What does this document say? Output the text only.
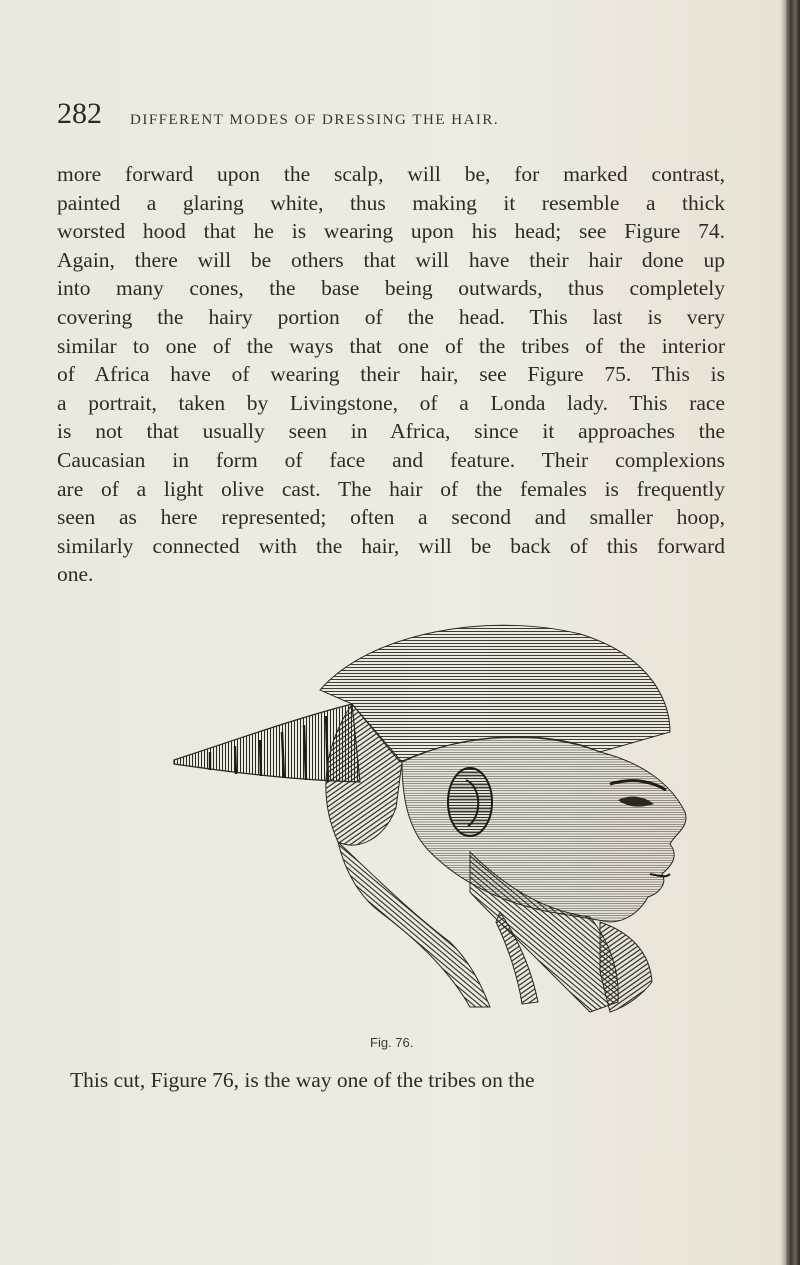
282 DIFFERENT MODES OF DRESSING THE HAIR.
more forward upon the scalp, will be, for marked contrast,
painted a glaring white, thus making it resemble a thick
worsted hood that he is wearing upon his head; see Figure 74.
Again, there will be others that will have their hair done up
into many cones, the base being outwards, thus completely
covering the hairy portion of the head. This last is very
similar to one of the ways that one of the tribes of the interior
of Africa have of wearing their hair, see Figure 75. This is
a portrait, taken by Livingstone, of a Londa lady. This race
is not that usually seen in Africa, since it approaches the
Caucasian in form of face and feature. Their complexions
are of a light olive cast. The hair of the females is frequently
seen as here represented; often a second and smaller hoop,
similarly connected with the hair, will be back of this forward
one.
Fig. 76.
This cut, Figure 76, is the way one of the tribes on the
